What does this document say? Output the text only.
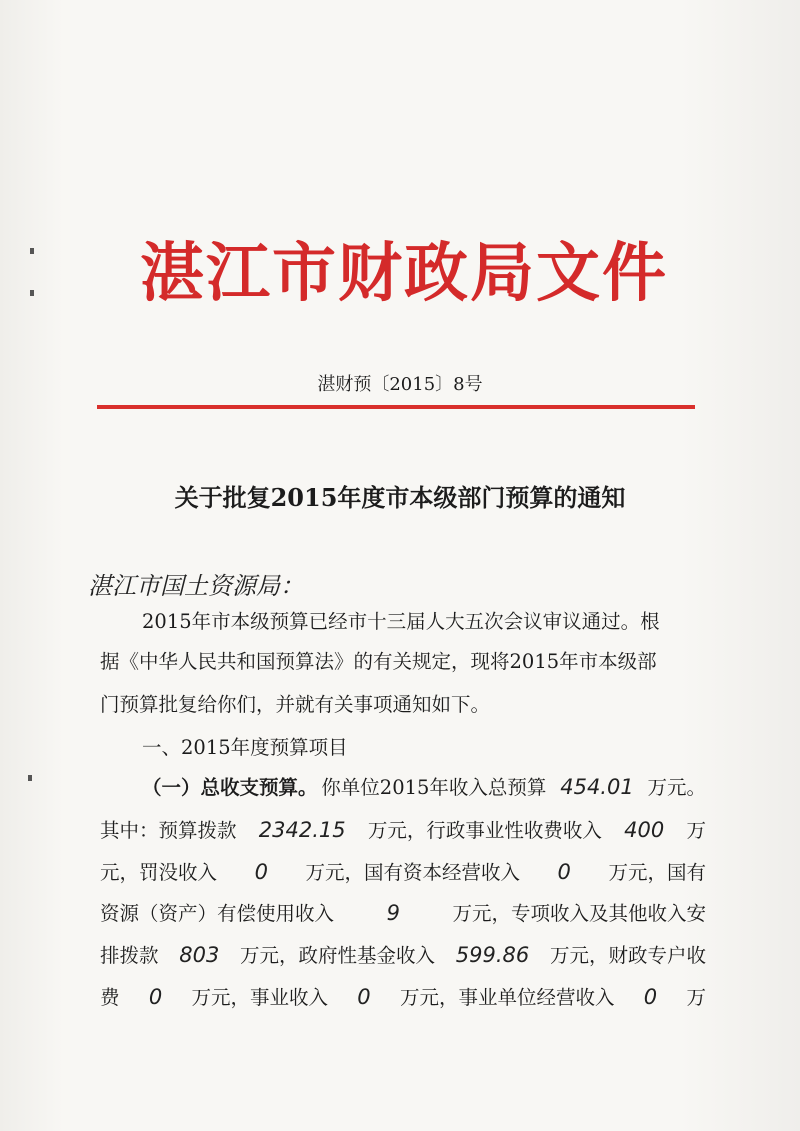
湛江市财政局文件
湛财预〔2015〕8号
关于批复2015年度市本级部门预算的通知
湛江市国土资源局：
2015年市本级预算已经市十三届人大五次会议审议通过。根
据《中华人民共和国预算法》的有关规定，现将2015年市本级部
门预算批复给你们，并就有关事项通知如下。
一、2015年度预算项目
（一）总收支预算。 你单位2015年收入总预算 454.01 万元。
其中：预算拨款	2342.15	万元，行政事业性收费收入	400	万
元，罚没收入	0	万元，国有资本经营收入	0	万元，国有
资源（资产）有偿使用收入	9	万元，专项收入及其他收入安
排拨款 803	万元，政府性基金收入 599.86	万元，财政专户收
费	0	万元，事业收入	0	万元，事业单位经营收入	0	万
